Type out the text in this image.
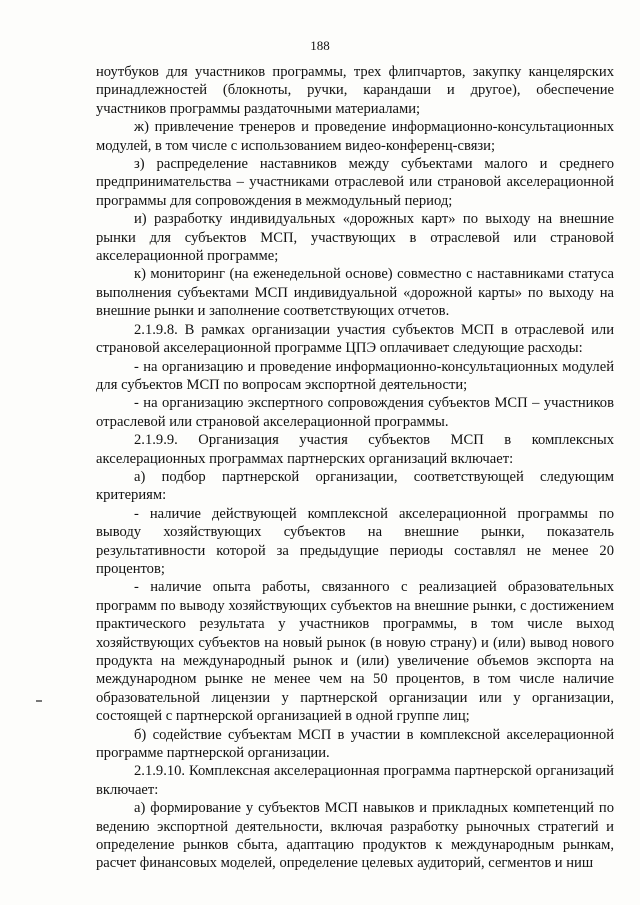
188

ноутбуков для участников программы, трех флипчартов, закупку канцелярских принадлежностей (блокноты, ручки, карандаши и другое), обеспечение участников программы раздаточными материалами;

ж) привлечение тренеров и проведение информационно-консультационных модулей, в том числе с использованием видео-конференц-связи;

з) распределение наставников между субъектами малого и среднего предпринимательства – участниками отраслевой или страновой акселерационной программы для сопровождения в межмодульный период;

и) разработку индивидуальных «дорожных карт» по выходу на внешние рынки для субъектов МСП, участвующих в отраслевой или страновой акселерационной программе;

к) мониторинг (на еженедельной основе) совместно с наставниками статуса выполнения субъектами МСП индивидуальной «дорожной карты» по выходу на внешние рынки и заполнение соответствующих отчетов.

2.1.9.8. В рамках организации участия субъектов МСП в отраслевой или страновой акселерационной программе ЦПЭ оплачивает следующие расходы:

- на организацию и проведение информационно-консультационных модулей для субъектов МСП по вопросам экспортной деятельности;

- на организацию экспертного сопровождения субъектов МСП – участников отраслевой или страновой акселерационной программы.

2.1.9.9. Организация участия субъектов МСП в комплексных акселерационных программах партнерских организаций включает:

а) подбор партнерской организации, соответствующей следующим критериям:

- наличие действующей комплексной акселерационной программы по выводу хозяйствующих субъектов на внешние рынки, показатель результативности которой за предыдущие периоды составлял не менее 20 процентов;

- наличие опыта работы, связанного с реализацией образовательных программ по выводу хозяйствующих субъектов на внешние рынки, с достижением практического результата у участников программы, в том числе выход хозяйствующих субъектов на новый рынок (в новую страну) и (или) вывод нового продукта на международный рынок и (или) увеличение объемов экспорта на международном рынке не менее чем на 50 процентов, в том числе наличие образовательной лицензии у партнерской организации или у организации, состоящей с партнерской организацией в одной группе лиц;

б) содействие субъектам МСП в участии в комплексной акселерационной программе партнерской организации.

2.1.9.10. Комплексная акселерационная программа партнерской организаций включает:

а) формирование у субъектов МСП навыков и прикладных компетенций по ведению экспортной деятельности, включая разработку рыночных стратегий и определение рынков сбыта, адаптацию продуктов к международным рынкам, расчет финансовых моделей, определение целевых аудиторий, сегментов и ниш
